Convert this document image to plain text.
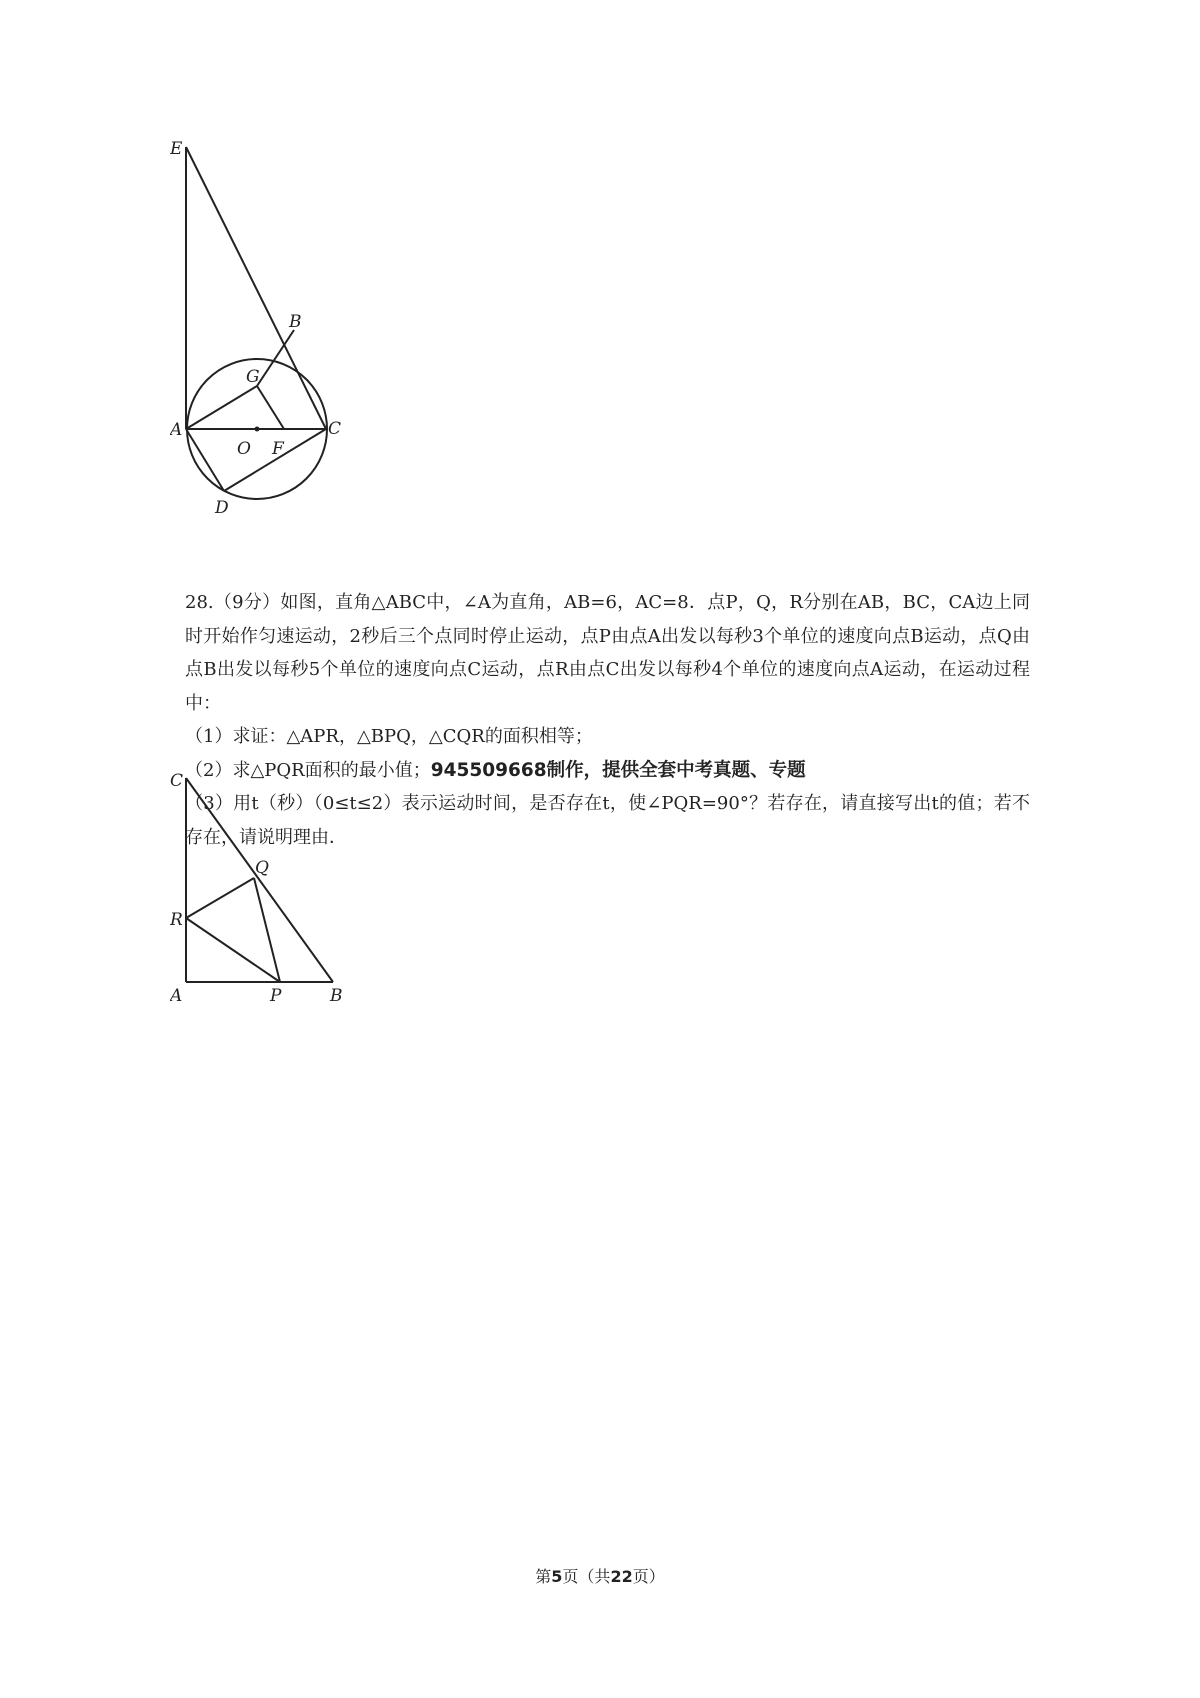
E
B
G
A
O F
C
D

28.（9分）如图，直角△ABC中，∠A为直角，AB=6，AC=8．点P，Q，R分别在AB，BC，CA边上同时开始作匀速运动，2秒后三个点同时停止运动，点P由点A出发以每秒3个单位的速度向点B运动，点Q由点B出发以每秒5个单位的速度向点C运动，点R由点C出发以每秒4个单位的速度向点A运动，在运动过程中：

（1）求证：△APR，△BPQ，△CQR的面积相等；

（2）求△PQR面积的最小值；945509668制作，提供全套中考真题、专题

（3）用t（秒）（0≤t≤2）表示运动时间，是否存在t，使∠PQR=90°？若存在，请直接写出t的值；若不存在，请说明理由．

C
Q
R
A	P	B
第5页（共22页）
